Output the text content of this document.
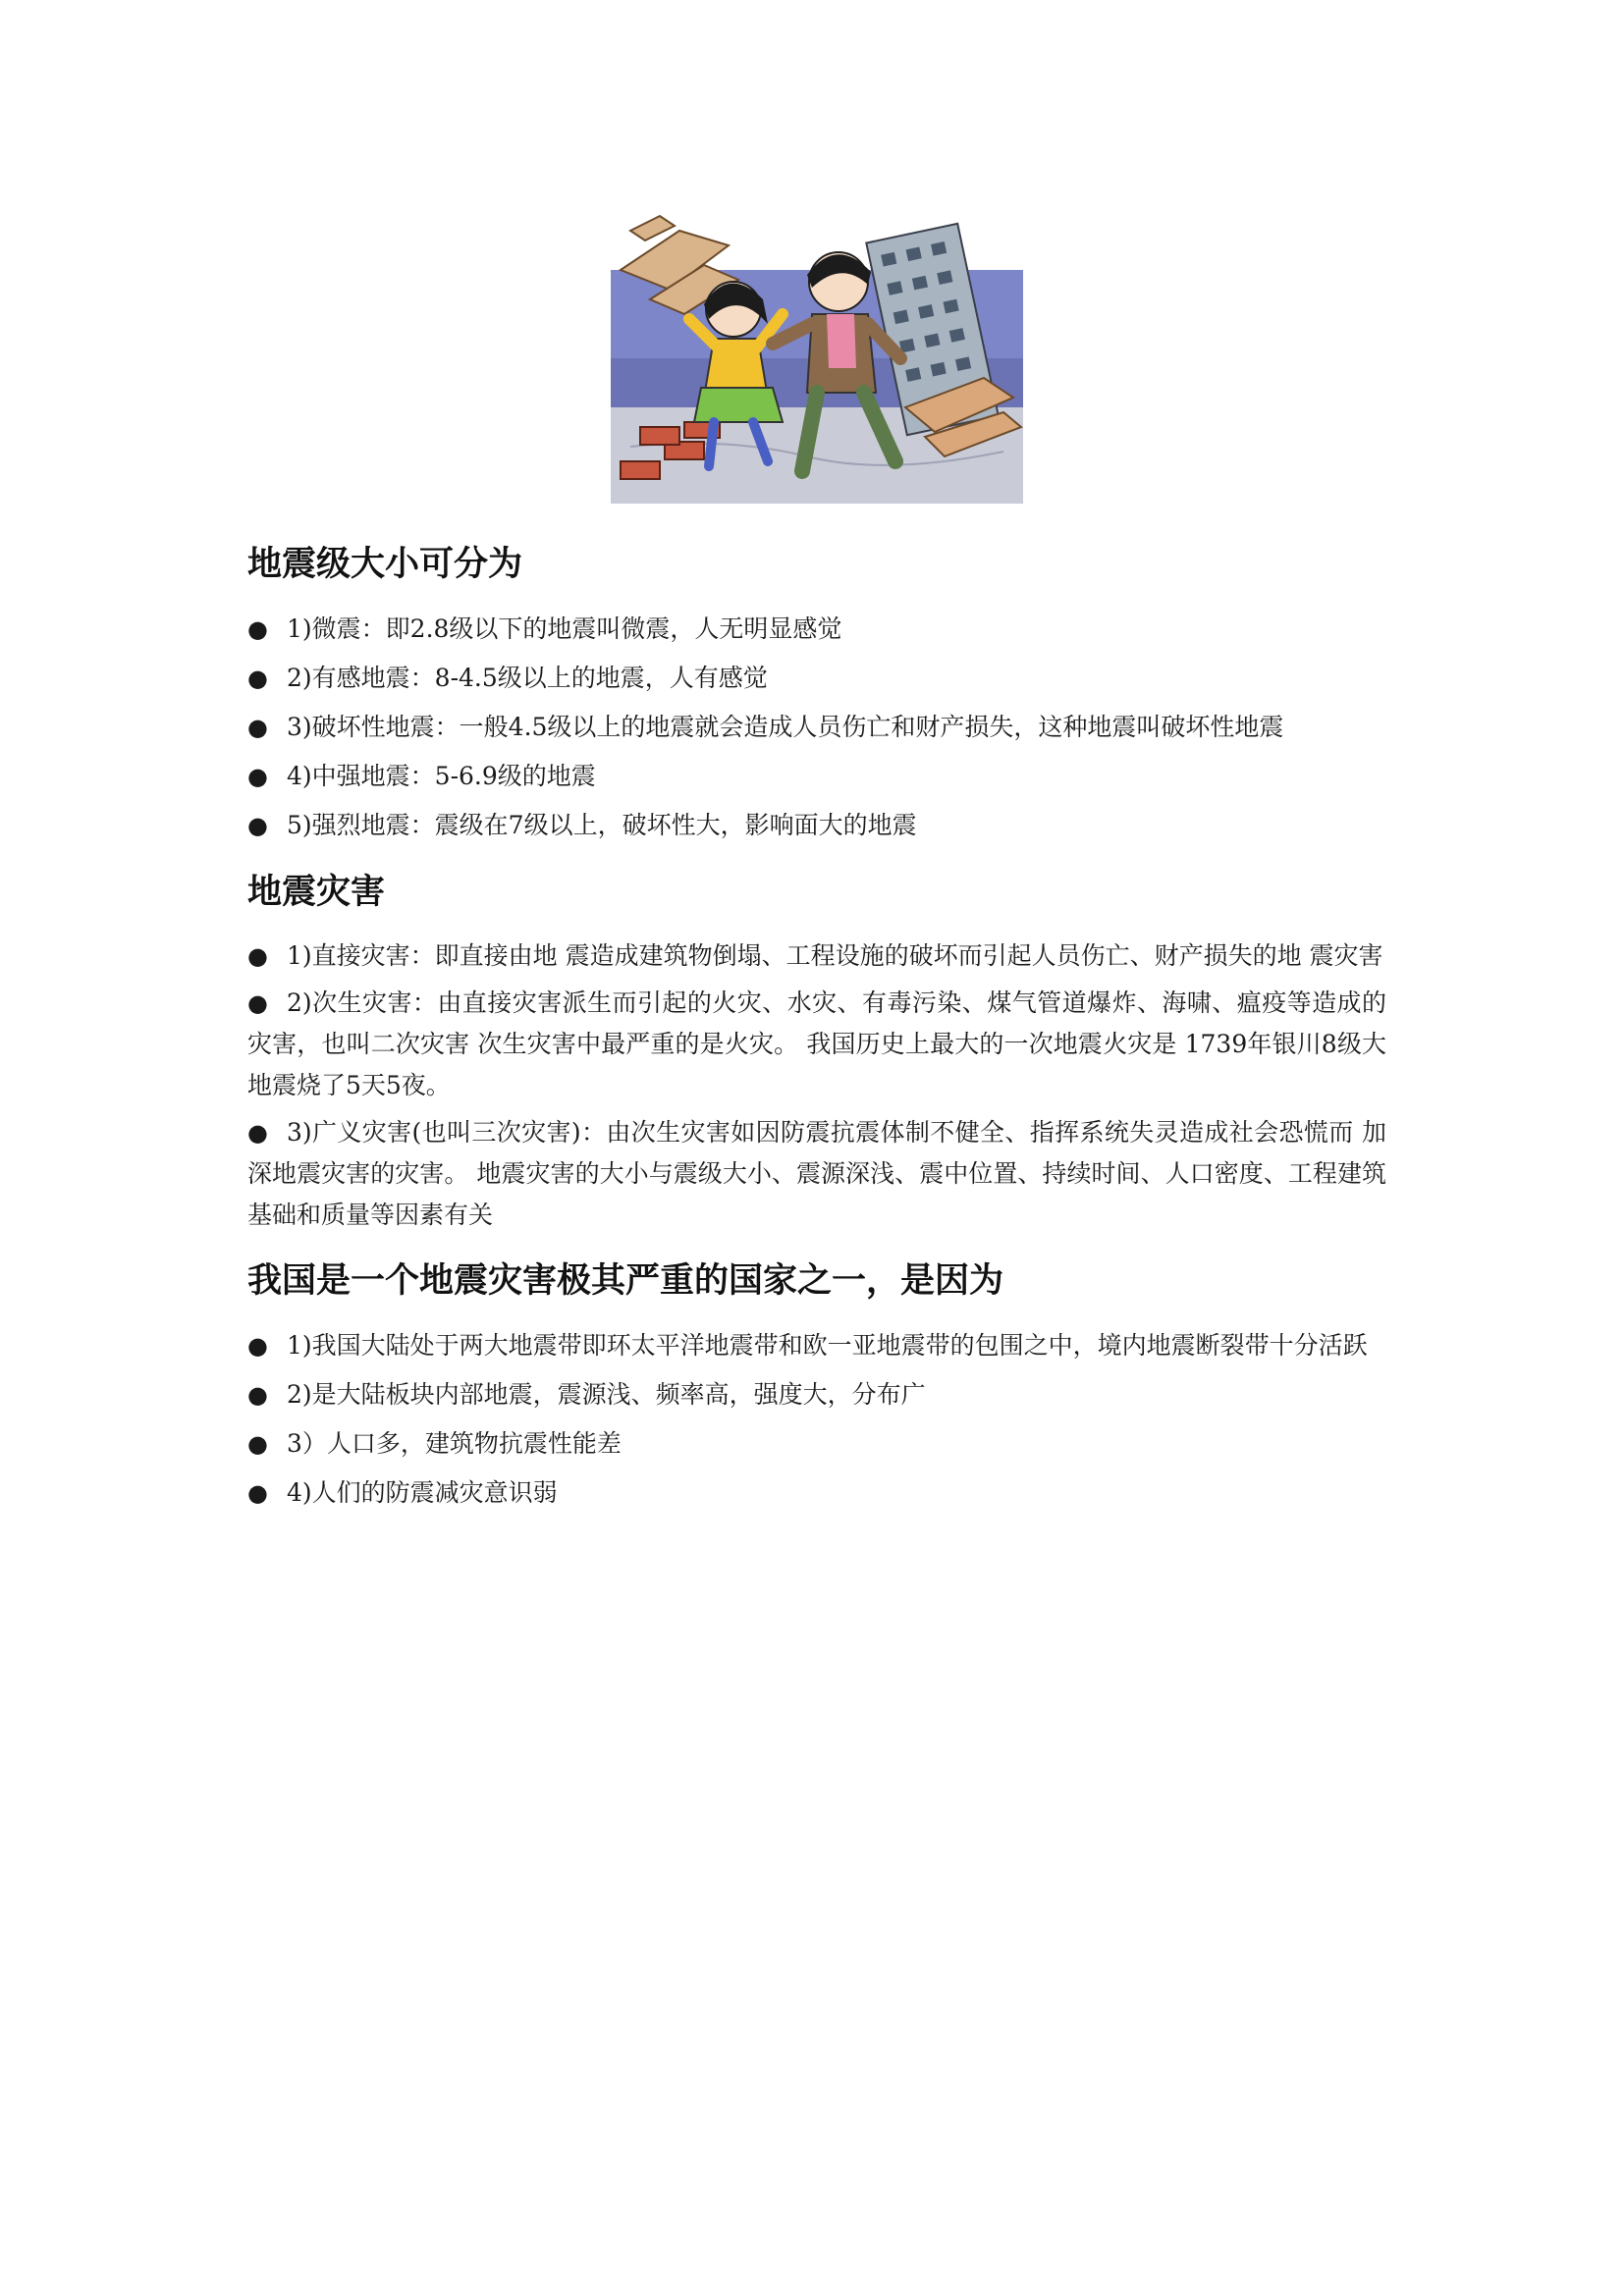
地震级大小可分为
● 1)微震：即2.8级以下的地震叫微震，人无明显感觉
● 2)有感地震：8-4.5级以上的地震，人有感觉
● 3)破坏性地震：一般4.5级以上的地震就会造成人员伤亡和财产损失，这种地震叫破坏性地震
● 4)中强地震：5-6.9级的地震
● 5)强烈地震：震级在7级以上，破坏性大，影响面大的地震
地震灾害
● 1)直接灾害：即直接由地 震造成建筑物倒塌、工程设施的破坏而引起人员伤亡、财产损失的地 震灾害
● 2)次生灾害：由直接灾害派生而引起的火灾、水灾、有毒污染、煤气管道爆炸、海啸、瘟疫等造成的灾害，也叫二次灾害 次生灾害中最严重的是火灾。 我国历史上最大的一次地震火灾是 1739年银川8级大地震烧了5天5夜。
● 3)广义灾害(也叫三次灾害)：由次生灾害如因防震抗震体制不健全、指挥系统失灵造成社会恐慌而 加深地震灾害的灾害。 地震灾害的大小与震级大小、震源深浅、震中位置、持续时间、人口密度、工程建筑基础和质量等因素有关
我国是一个地震灾害极其严重的国家之一，是因为
● 1)我国大陆处于两大地震带即环太平洋地震带和欧一亚地震带的包围之中，境内地震断裂带十分活跃
● 2)是大陆板块内部地震，震源浅、频率高，强度大，分布广
● 3）人口多，建筑物抗震性能差
● 4)人们的防震减灾意识弱
